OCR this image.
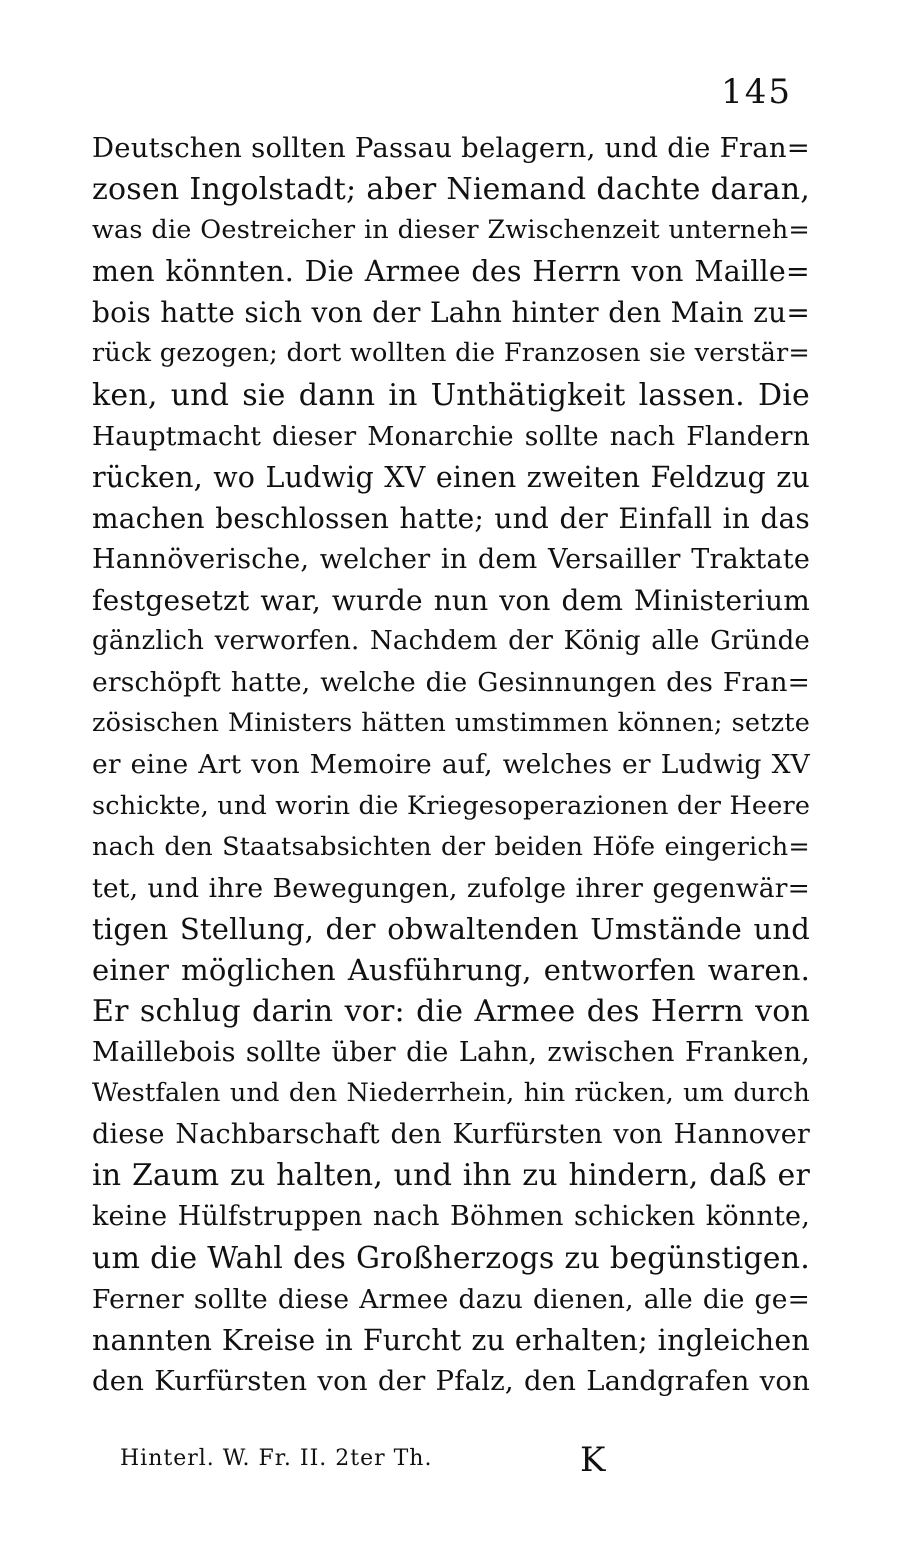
145
Deutschen sollten Passau belagern, und die Fran=
zosen Ingolstadt; aber Niemand dachte daran,
was die Oestreicher in dieser Zwischenzeit unterneh=
men könnten. Die Armee des Herrn von Maille=
bois hatte sich von der Lahn hinter den Main zu=
rück gezogen; dort wollten die Franzosen sie verstär=
ken, und sie dann in Unthätigkeit lassen. Die
Hauptmacht dieser Monarchie sollte nach Flandern
rücken, wo Ludwig XV einen zweiten Feldzug zu
machen beschlossen hatte; und der Einfall in das
Hannöverische, welcher in dem Versailler Traktate
festgesetzt war, wurde nun von dem Ministerium
gänzlich verworfen. Nachdem der König alle Gründe
erschöpft hatte, welche die Gesinnungen des Fran=
zösischen Ministers hätten umstimmen können; setzte
er eine Art von Memoire auf, welches er Ludwig XV
schickte, und worin die Kriegesoperazionen der Heere
nach den Staatsabsichten der beiden Höfe eingerich=
tet, und ihre Bewegungen, zufolge ihrer gegenwär=
tigen Stellung, der obwaltenden Umstände und
einer möglichen Ausführung, entworfen waren.
Er schlug darin vor: die Armee des Herrn von
Maillebois sollte über die Lahn, zwischen Franken,
Westfalen und den Niederrhein, hin rücken, um durch
diese Nachbarschaft den Kurfürsten von Hannover
in Zaum zu halten, und ihn zu hindern, daß er
keine Hülfstruppen nach Böhmen schicken könnte,
um die Wahl des Großherzogs zu begünstigen.
Ferner sollte diese Armee dazu dienen, alle die ge=
nannten Kreise in Furcht zu erhalten; ingleichen
den Kurfürsten von der Pfalz, den Landgrafen von
Hinterl. W. Fr. II. 2ter Th.	K
